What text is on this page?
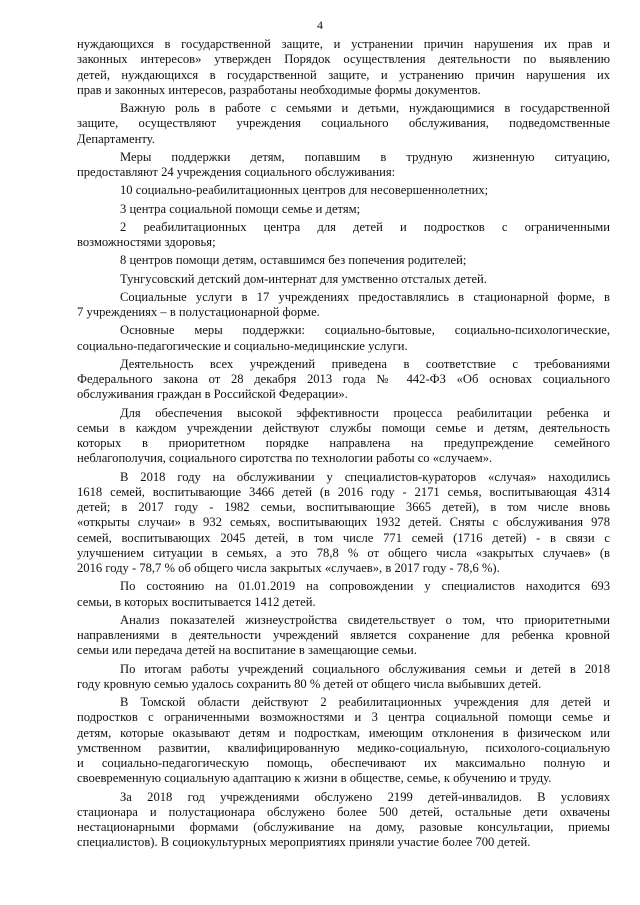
4
нуждающихся в государственной защите, и устранении причин нарушения их прав и
законных интересов» утвержден Порядок осуществления деятельности по выявлению
детей, нуждающихся в государственной защите, и устранению причин нарушения их
прав и законных интересов, разработаны необходимые формы документов.
Важную роль в работе с семьями и детьми, нуждающимися в государственной
защите, осуществляют учреждения социального обслуживания, подведомственные
Департаменту.
Меры поддержки детям, попавшим в трудную жизненную ситуацию,
предоставляют 24 учреждения социального обслуживания:
10 социально-реабилитационных центров для несовершеннолетних;
3 центра социальной помощи семье и детям;
2 реабилитационных центра для детей и подростков с ограниченными
возможностями здоровья;
8 центров помощи детям, оставшимся без попечения родителей;
Тунгусовский детский дом-интернат для умственно отсталых детей.
Социальные услуги в 17 учреждениях предоставлялись в стационарной форме, в
7 учреждениях – в полустационарной форме.
Основные меры поддержки: социально-бытовые, социально-психологические,
социально-педагогические и социально-медицинские услуги.
Деятельность всех учреждений приведена в соответствие с требованиями
Федерального закона от 28 декабря 2013 года № 442-ФЗ «Об основах социального
обслуживания граждан в Российской Федерации».
Для обеспечения высокой эффективности процесса реабилитации ребенка и
семьи в каждом учреждении действуют службы помощи семье и детям, деятельность
которых в приоритетном порядке направлена на предупреждение семейного
неблагополучия, социального сиротства по технологии работы со «случаем».
В 2018 году на обслуживании у специалистов-кураторов «случая» находились
1618 семей, воспитывающие 3466 детей (в 2016 году - 2171 семья, воспитывающая 4314
детей; в 2017 году - 1982 семьи, воспитывающие 3665 детей), в том числе вновь
«открыты случаи» в 932 семьях, воспитывающих 1932 детей. Сняты с обслуживания 978
семей, воспитывающих 2045 детей, в том числе 771 семей (1716 детей) - в связи с
улучшением ситуации в семьях, а это 78,8 % от общего числа «закрытых случаев» (в
2016 году - 78,7 % об общего числа закрытых «случаев», в 2017 году - 78,6 %).
По состоянию на 01.01.2019 на сопровождении у специалистов находится 693
семьи, в которых воспитывается 1412 детей.
Анализ показателей жизнеустройства свидетельствует о том, что приоритетными
направлениями в деятельности учреждений является сохранение для ребенка кровной
семьи или передача детей на воспитание в замещающие семьи.
По итогам работы учреждений социального обслуживания семьи и детей в 2018
году кровную семью удалось сохранить 80 % детей от общего числа выбывших детей.
В Томской области действуют 2 реабилитационных учреждения для детей и
подростков с ограниченными возможностями и 3 центра социальной помощи семье и
детям, которые оказывают детям и подросткам, имеющим отклонения в физическом или
умственном развитии, квалифицированную медико-социальную, психолого-социальную
и социально-педагогическую помощь, обеспечивают их максимально полную и
своевременную социальную адаптацию к жизни в обществе, семье, к обучению и труду.
За 2018 год учреждениями обслужено 2199 детей-инвалидов. В условиях
стационара и полустационара обслужено более 500 детей, остальные дети охвачены
нестационарными формами (обслуживание на дому, разовые консультации, приемы
специалистов). В социокультурных мероприятиях приняли участие более 700 детей.
